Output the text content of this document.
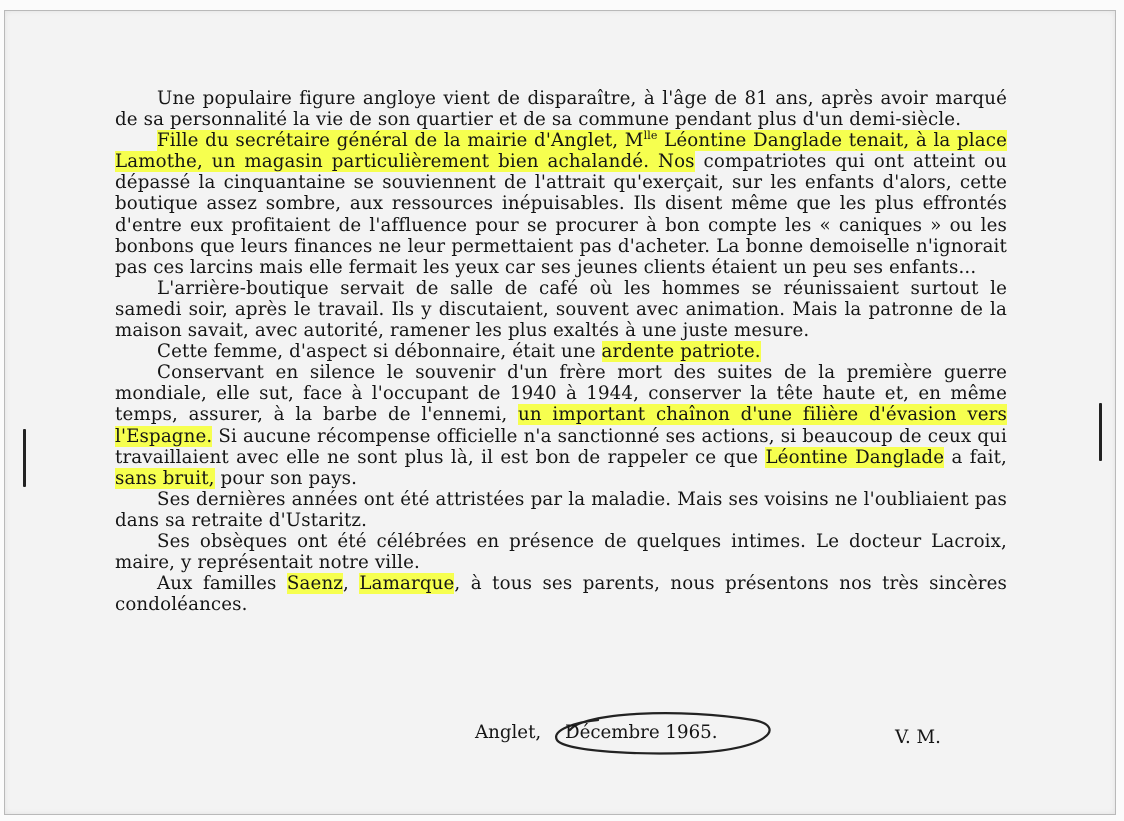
Une populaire figure angloye vient de disparaître, à l'âge de 81 ans, après avoir marqué de sa personnalité la vie de son quartier et de sa commune pendant plus d'un demi-siècle.

Fille du secrétaire général de la mairie d'Anglet, $M^{lle}$ Léontine Danglade tenait, à la place Lamothe, un magasin particulièrement bien achalandé. Nos compatriotes qui ont atteint ou dépassé la cinquantaine se souviennent de l'attrait qu'exerçait, sur les enfants d'alors, cette boutique assez sombre, aux ressources inépuisables. Ils disent même que les plus effrontés d'entre eux profitaient de l'affluence pour se procurer à bon compte les « caniques » ou les bonbons que leurs finances ne leur permettaient pas d'acheter. La bonne demoiselle n'ignorait pas ces larcins mais elle fermait les yeux car ses jeunes clients étaient un peu ses enfants...

L'arrière-boutique servait de salle de café où les hommes se réunissaient surtout le samedi soir, après le travail. Ils y discutaient, souvent avec animation. Mais la patronne de la maison savait, avec autorité, ramener les plus exaltés à une juste mesure.

Cette femme, d'aspect si débonnaire, était une ardente patriote.

Conservant en silence le souvenir d'un frère mort des suites de la première guerre mondiale, elle sut, face à l'occupant de 1940 à 1944, conserver la tête haute et, en même temps, assurer, à la barbe de l'ennemi, un important chaînon d'une filière d'évasion vers l'Espagne. Si aucune récompense officielle n'a sanctionné ses actions, si beaucoup de ceux qui travaillaient avec elle ne sont plus là, il est bon de rappeler ce que Léontine Danglade a fait, sans bruit, pour son pays.

Ses dernières années ont été attristées par la maladie. Mais ses voisins ne l'oubliaient pas dans sa retraite d'Ustaritz.

Ses obsèques ont été célébrées en présence de quelques intimes. Le docteur Lacroix, maire, y représentait notre ville.

Aux familles Saenz, Lamarque, à tous ses parents, nous présentons nos très sincères condoléances.

Anglet, Décembre 1965.	V. M.
